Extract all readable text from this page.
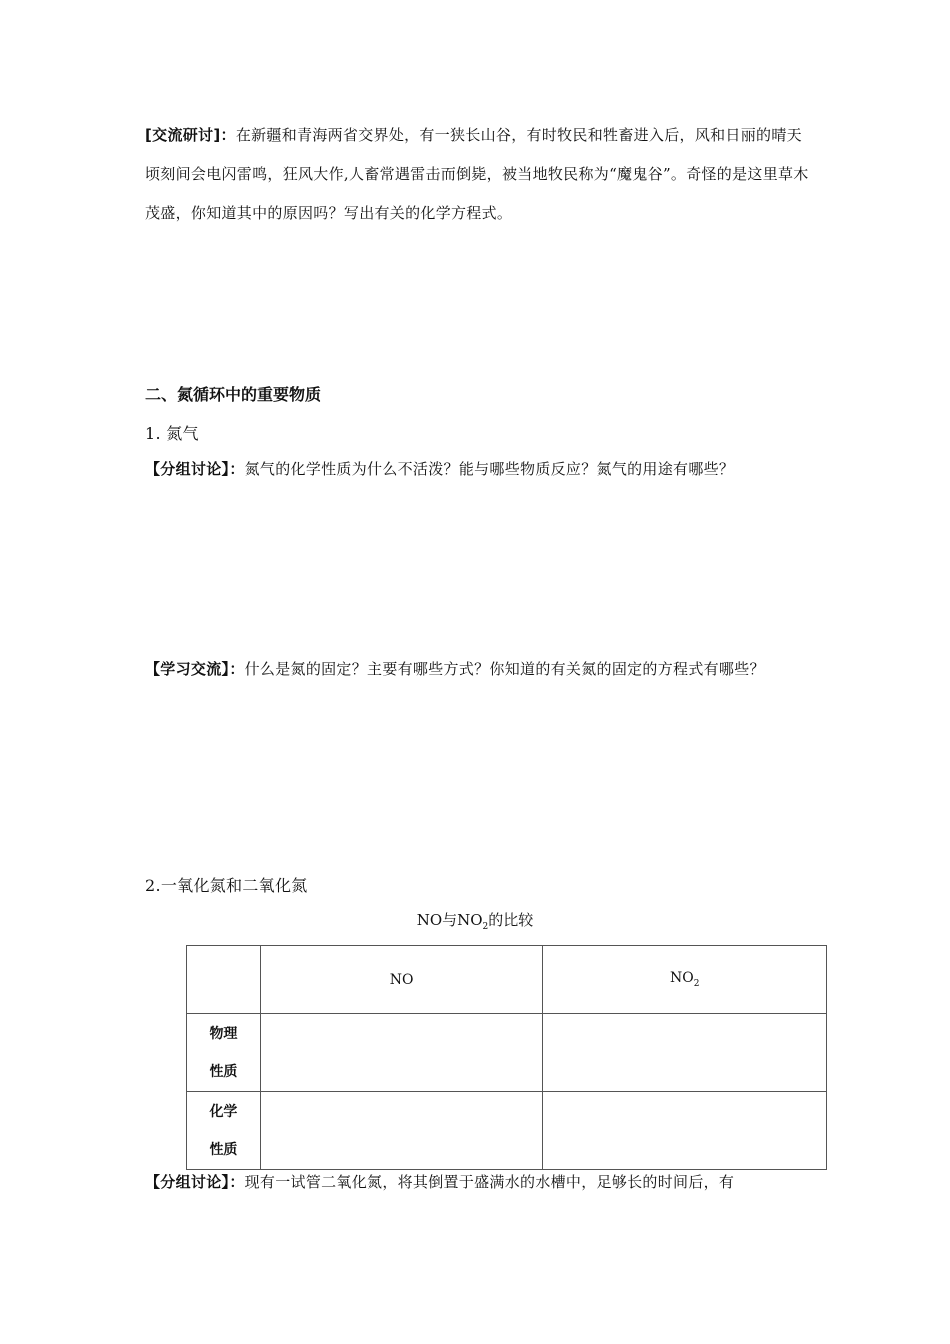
[交流研讨]：在新疆和青海两省交界处，有一狭长山谷，有时牧民和牲畜进入后，风和日丽的晴天顷刻间会电闪雷鸣，狂风大作,人畜常遇雷击而倒毙，被当地牧民称为“魔鬼谷”。奇怪的是这里草木茂盛，你知道其中的原因吗？写出有关的化学方程式。
二、氮循环中的重要物质
1. 氮气
【分组讨论】：氮气的化学性质为什么不活泼？能与哪些物质反应？氮气的用途有哪些？
【学习交流】：什么是氮的固定？主要有哪些方式？你知道的有关氮的固定的方程式有哪些？
2.一氧化氮和二氧化氮
NO与$NO_2$的比较
	NO	$NO_2$

物理
性质		

化学
性质		

【分组讨论】：现有一试管二氧化氮，将其倒置于盛满水的水槽中，足够长的时间后，有
